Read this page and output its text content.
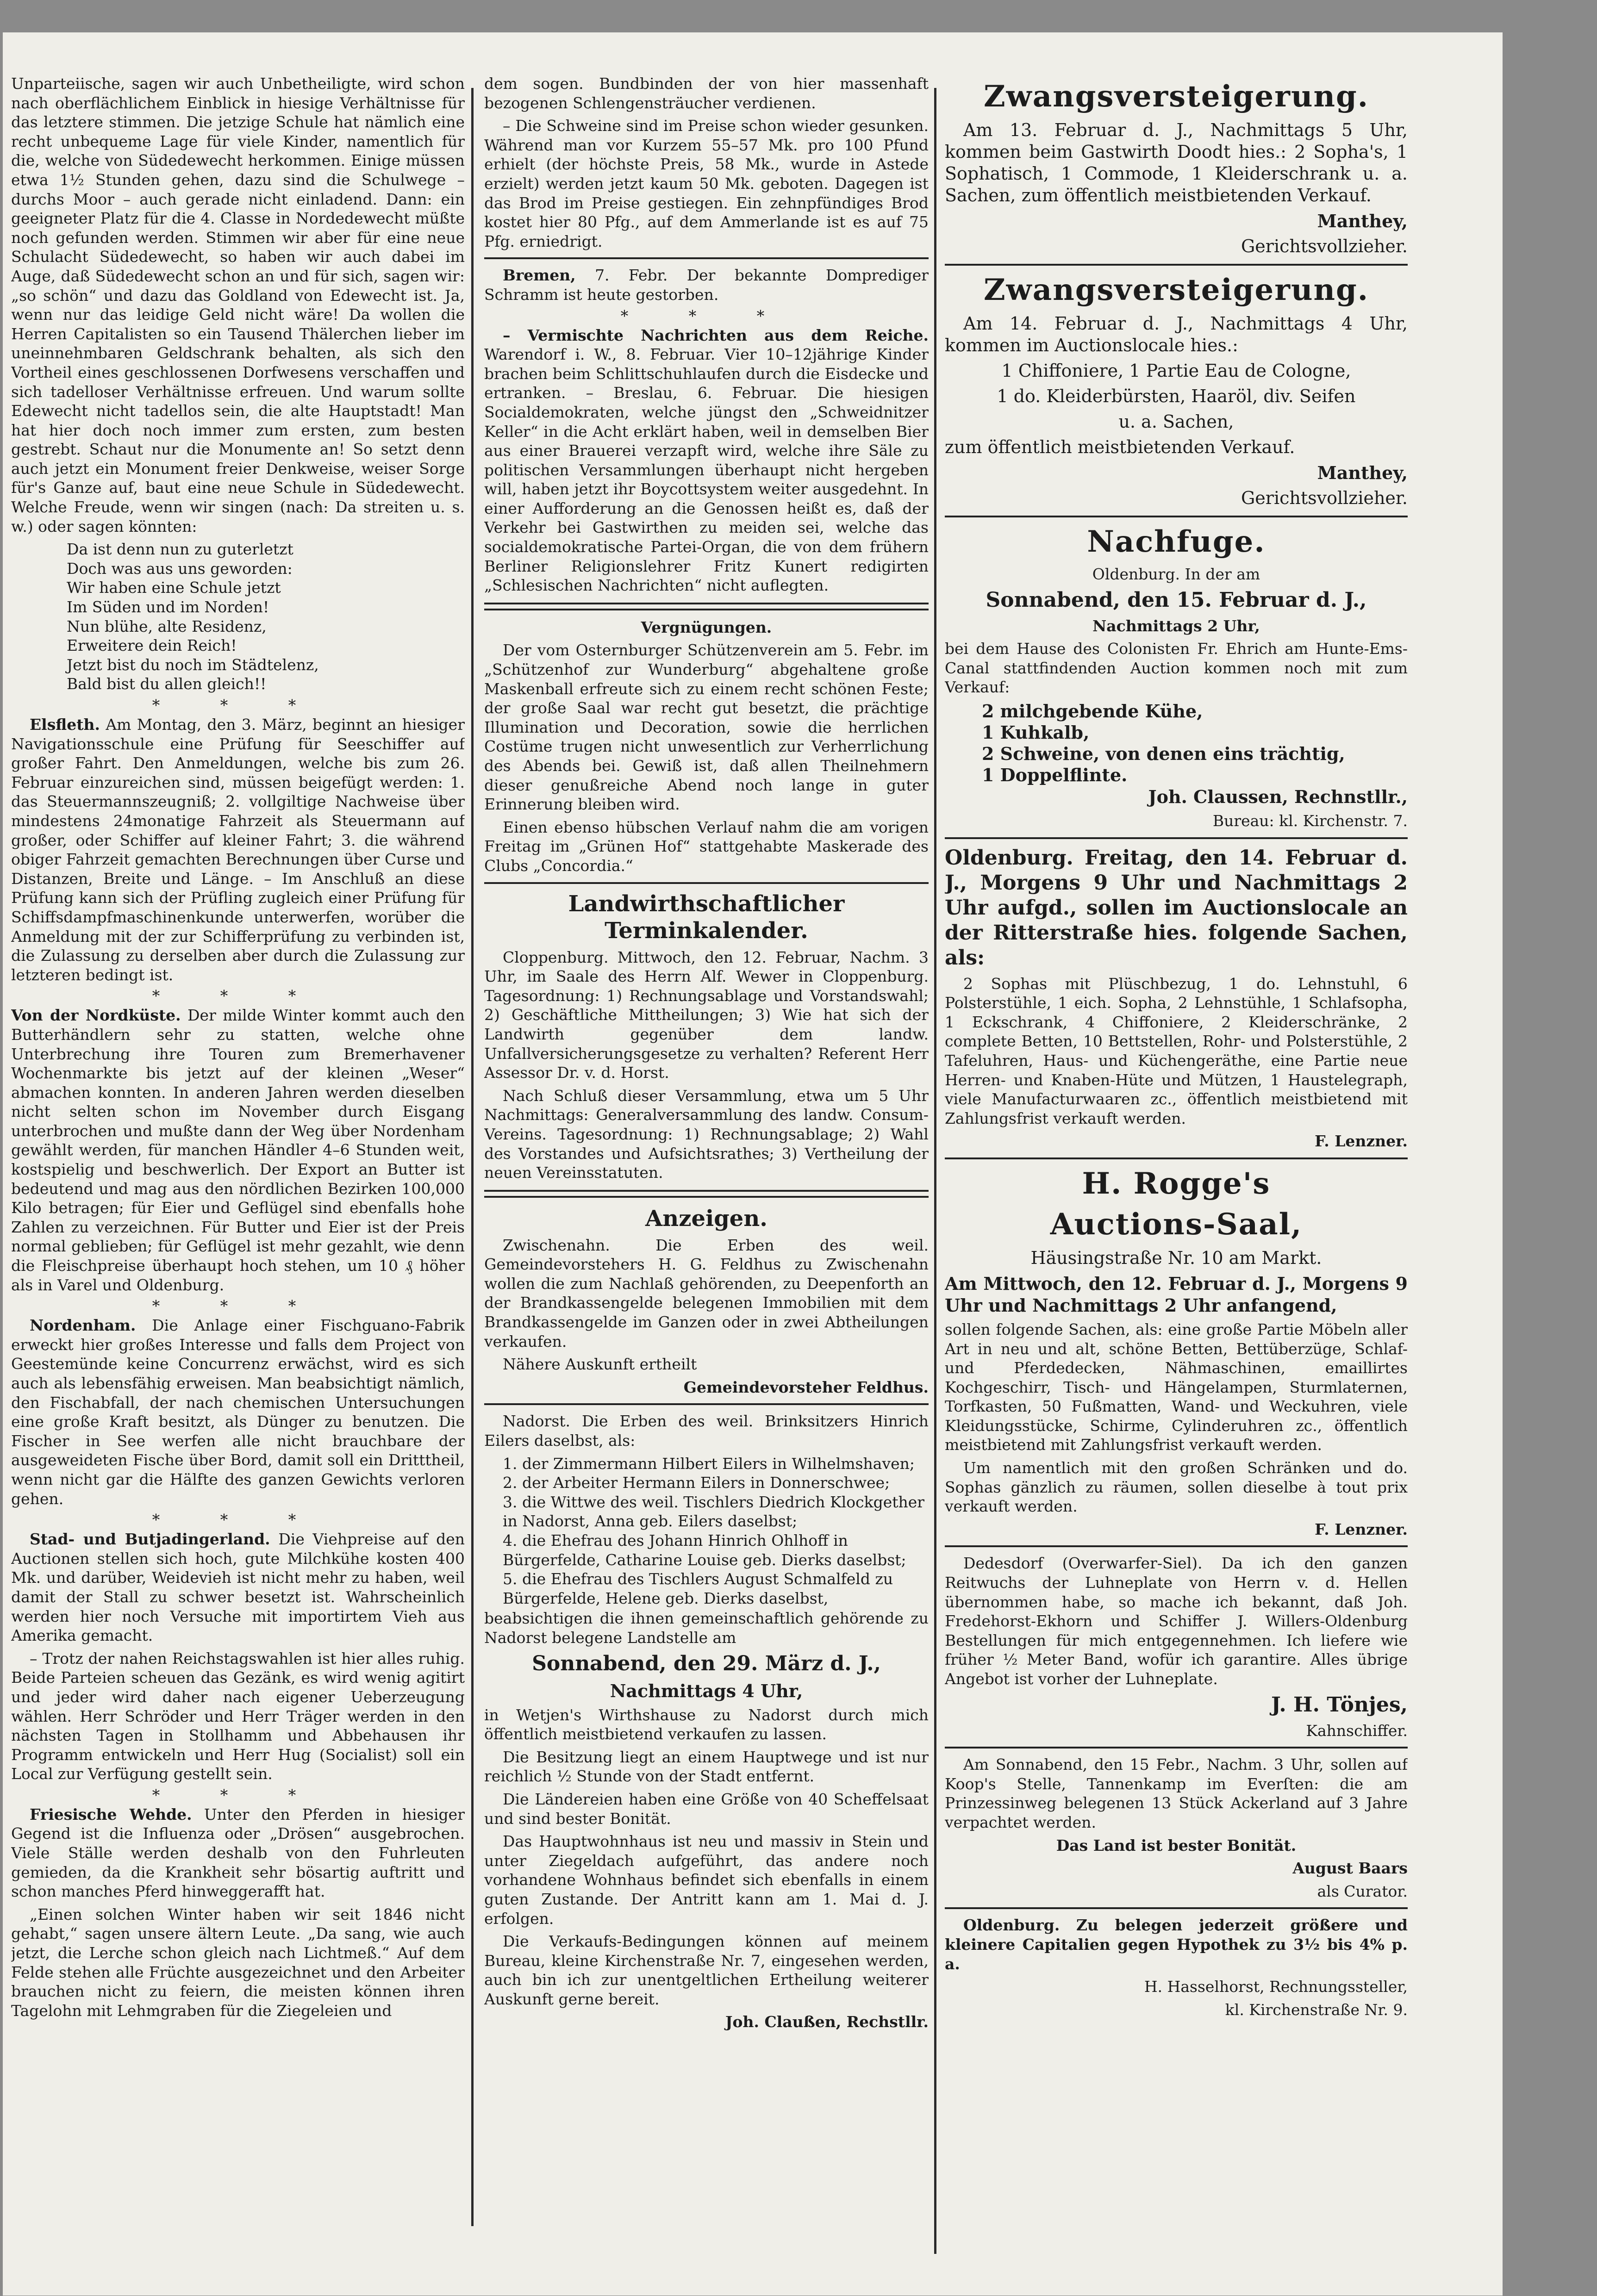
Unparteiische, sagen wir auch Unbetheiligte, wird schon nach oberflächlichem Einblick in hiesige Verhältnisse für das letztere stimmen. Die jetzige Schule hat nämlich eine recht unbequeme Lage für viele Kinder, namentlich für die, welche von Südedewecht herkommen. Einige müssen etwa 1½ Stunden gehen, dazu sind die Schulwege – durchs Moor – auch gerade nicht einladend. Dann: ein geeigneter Platz für die 4. Classe in Nordedewecht müßte noch gefunden werden. Stimmen wir aber für eine neue Schulacht Südedewecht, so haben wir auch dabei im Auge, daß Südedewecht schon an und für sich, sagen wir: „so schön“ und dazu das Goldland von Edewecht ist. Ja, wenn nur das leidige Geld nicht wäre! Da wollen die Herren Capitalisten so ein Tausend Thälerchen lieber im uneinnehmbaren Geldschrank behalten, als sich den Vortheil eines geschlossenen Dorfwesens verschaffen und sich tadelloser Verhältnisse erfreuen. Und warum sollte Edewecht nicht tadellos sein, die alte Hauptstadt! Man hat hier doch noch immer zum ersten, zum besten gestrebt. Schaut nur die Monumente an! So setzt denn auch jetzt ein Monument freier Denkweise, weiser Sorge für's Ganze auf, baut eine neue Schule in Südedewecht. Welche Freude, wenn wir singen (nach: Da streiten u. s. w.) oder sagen könnten:

Da ist denn nun zu guterletzt
Doch was aus uns geworden:
Wir haben eine Schule jetzt
Im Süden und im Norden!
Nun blühe, alte Residenz,
Erweitere dein Reich!
Jetzt bist du noch im Städtelenz,
Bald bist du allen gleich!!
* * *

Elsfleth. Am Montag, den 3. März, beginnt an hiesiger Navigationsschule eine Prüfung für Seeschiffer auf großer Fahrt. Den Anmeldungen, welche bis zum 26. Februar einzureichen sind, müssen beigefügt werden: 1. das Steuermannszeugniß; 2. vollgiltige Nachweise über mindestens 24monatige Fahrzeit als Steuermann auf großer, oder Schiffer auf kleiner Fahrt; 3. die während obiger Fahrzeit gemachten Berechnungen über Curse und Distanzen, Breite und Länge. – Im Anschluß an diese Prüfung kann sich der Prüfling zugleich einer Prüfung für Schiffsdampfmaschinenkunde unterwerfen, worüber die Anmeldung mit der zur Schifferprüfung zu verbinden ist, die Zulassung zu derselben aber durch die Zulassung zur letzteren bedingt ist.

* * *

Von der Nordküste. Der milde Winter kommt auch den Butterhändlern sehr zu statten, welche ohne Unterbrechung ihre Touren zum Bremerhavener Wochenmarkte bis jetzt auf der kleinen „Weser“ abmachen konnten. In anderen Jahren werden dieselben nicht selten schon im November durch Eisgang unterbrochen und mußte dann der Weg über Nordenham gewählt werden, für manchen Händler 4–6 Stunden weit, kostspielig und beschwerlich. Der Export an Butter ist bedeutend und mag aus den nördlichen Bezirken 100,000 Kilo betragen; für Eier und Geflügel sind ebenfalls hohe Zahlen zu verzeichnen. Für Butter und Eier ist der Preis normal geblieben; für Geflügel ist mehr gezahlt, wie denn die Fleischpreise überhaupt hoch stehen, um 10 ₰ höher als in Varel und Oldenburg.

* * *

Nordenham. Die Anlage einer Fischguano-Fabrik erweckt hier großes Interesse und falls dem Project von Geestemünde keine Concurrenz erwächst, wird es sich auch als lebensfähig erweisen. Man beabsichtigt nämlich, den Fischabfall, der nach chemischen Untersuchungen eine große Kraft besitzt, als Dünger zu benutzen. Die Fischer in See werfen alle nicht brauchbare der ausgeweideten Fische über Bord, damit soll ein Dritttheil, wenn nicht gar die Hälfte des ganzen Gewichts verloren gehen.

* * *

Stad- und Butjadingerland. Die Viehpreise auf den Auctionen stellen sich hoch, gute Milchkühe kosten 400 Mk. und darüber, Weidevieh ist nicht mehr zu haben, weil damit der Stall zu schwer besetzt ist. Wahrscheinlich werden hier noch Versuche mit importirtem Vieh aus Amerika gemacht.

– Trotz der nahen Reichstagswahlen ist hier alles ruhig. Beide Parteien scheuen das Gezänk, es wird wenig agitirt und jeder wird daher nach eigener Ueberzeugung wählen. Herr Schröder und Herr Träger werden in den nächsten Tagen in Stollhamm und Abbehausen ihr Programm entwickeln und Herr Hug (Socialist) soll ein Local zur Verfügung gestellt sein.

* * *

Friesische Wehde. Unter den Pferden in hiesiger Gegend ist die Influenza oder „Drösen“ ausgebrochen. Viele Ställe werden deshalb von den Fuhrleuten gemieden, da die Krankheit sehr bösartig auftritt und schon manches Pferd hinweggerafft hat.

„Einen solchen Winter haben wir seit 1846 nicht gehabt,“ sagen unsere ältern Leute. „Da sang, wie auch jetzt, die Lerche schon gleich nach Lichtmeß.“ Auf dem Felde stehen alle Früchte ausgezeichnet und den Arbeiter brauchen nicht zu feiern, die meisten können ihren Tagelohn mit Lehmgraben für die Ziegeleien und

dem sogen. Bundbinden der von hier massenhaft bezogenen Schlengensträucher verdienen.

– Die Schweine sind im Preise schon wieder gesunken. Während man vor Kurzem 55–57 Mk. pro 100 Pfund erhielt (der höchste Preis, 58 Mk., wurde in Astede erzielt) werden jetzt kaum 50 Mk. geboten. Dagegen ist das Brod im Preise gestiegen. Ein zehnpfündiges Brod kostet hier 80 Pfg., auf dem Ammerlande ist es auf 75 Pfg. erniedrigt.

Bremen, 7. Febr. Der bekannte Domprediger Schramm ist heute gestorben.

* * *

– Vermischte Nachrichten aus dem Reiche. Warendorf i. W., 8. Februar. Vier 10–12jährige Kinder brachen beim Schlittschuhlaufen durch die Eisdecke und ertranken. – Breslau, 6. Februar. Die hiesigen Socialdemokraten, welche jüngst den „Schweidnitzer Keller“ in die Acht erklärt haben, weil in demselben Bier aus einer Brauerei verzapft wird, welche ihre Säle zu politischen Versammlungen überhaupt nicht hergeben will, haben jetzt ihr Boycottsystem weiter ausgedehnt. In einer Aufforderung an die Genossen heißt es, daß der Verkehr bei Gastwirthen zu meiden sei, welche das socialdemokratische Partei-Organ, die von dem frühern Berliner Religionslehrer Fritz Kunert redigirten „Schlesischen Nachrichten“ nicht auflegten.

Vergnügungen.

Der vom Osternburger Schützenverein am 5. Febr. im „Schützenhof zur Wunderburg“ abgehaltene große Maskenball erfreute sich zu einem recht schönen Feste; der große Saal war recht gut besetzt, die prächtige Illumination und Decoration, sowie die herrlichen Costüme trugen nicht unwesentlich zur Verherrlichung des Abends bei. Gewiß ist, daß allen Theilnehmern dieser genußreiche Abend noch lange in guter Erinnerung bleiben wird.

Einen ebenso hübschen Verlauf nahm die am vorigen Freitag im „Grünen Hof“ stattgehabte Maskerade des Clubs „Concordia.“

Landwirthschaftlicher Terminkalender.

Cloppenburg. Mittwoch, den 12. Februar, Nachm. 3 Uhr, im Saale des Herrn Alf. Wewer in Cloppenburg. Tagesordnung: 1) Rechnungsablage und Vorstandswahl; 2) Geschäftliche Mittheilungen; 3) Wie hat sich der Landwirth gegenüber dem landw. Unfallversicherungsgesetze zu verhalten? Referent Herr Assessor Dr. v. d. Horst.

Nach Schluß dieser Versammlung, etwa um 5 Uhr Nachmittags: Generalversammlung des landw. Consum-Vereins. Tagesordnung: 1) Rechnungsablage; 2) Wahl des Vorstandes und Aufsichtsrathes; 3) Vertheilung der neuen Vereinsstatuten.

Anzeigen.

Zwischenahn. Die Erben des weil. Gemeindevorstehers H. G. Feldhus zu Zwischenahn wollen die zum Nachlaß gehörenden, zu Deepenforth an der Brandkassengelde belegenen Immobilien mit dem Brandkassengelde im Ganzen oder in zwei Abtheilungen verkaufen.

Nähere Auskunft ertheilt

Gemeindevorsteher Feldhus.

Nadorst. Die Erben des weil. Brinksitzers Hinrich Eilers daselbst, als:

1. der Zimmermann Hilbert Eilers in Wilhelmshaven;
2. der Arbeiter Hermann Eilers in Donnerschwee;
3. die Wittwe des weil. Tischlers Diedrich Klockgether in Nadorst, Anna geb. Eilers daselbst;
4. die Ehefrau des Johann Hinrich Ohlhoff in Bürgerfelde, Catharine Louise geb. Dierks daselbst;
5. die Ehefrau des Tischlers August Schmalfeld zu Bürgerfelde, Helene geb. Dierks daselbst,

beabsichtigen die ihnen gemeinschaftlich gehörende zu Nadorst belegene Landstelle am

Sonnabend, den 29. März d. J.,

Nachmittags 4 Uhr,

in Wetjen's Wirthshause zu Nadorst durch mich öffentlich meistbietend verkaufen zu lassen.

Die Besitzung liegt an einem Hauptwege und ist nur reichlich ½ Stunde von der Stadt entfernt.

Die Ländereien haben eine Größe von 40 Scheffelsaat und sind bester Bonität.

Das Hauptwohnhaus ist neu und massiv in Stein und unter Ziegeldach aufgeführt, das andere noch vorhandene Wohnhaus befindet sich ebenfalls in einem guten Zustande. Der Antritt kann am 1. Mai d. J. erfolgen.

Die Verkaufs-Bedingungen können auf meinem Bureau, kleine Kirchenstraße Nr. 7, eingesehen werden, auch bin ich zur unentgeltlichen Ertheilung weiterer Auskunft gerne bereit.

Joh. Claußen, Rechstllr.

Zwangsversteigerung.

Am 13. Februar d. J., Nachmittags 5 Uhr, kommen beim Gastwirth Doodt hies.: 2 Sopha's, 1 Sophatisch, 1 Commode, 1 Kleiderschrank u. a. Sachen, zum öffentlich meistbietenden Verkauf.

Manthey,

Gerichtsvollzieher.

Zwangsversteigerung.

Am 14. Februar d. J., Nachmittags 4 Uhr, kommen im Auctionslocale hies.:

1 Chiffoniere, 1 Partie Eau de Cologne,

1 do. Kleiderbürsten, Haaröl, div. Seifen

u. a. Sachen,

zum öffentlich meistbietenden Verkauf.

Manthey,

Gerichtsvollzieher.

Nachfuge.

Oldenburg. In der am

Sonnabend, den 15. Februar d. J.,

Nachmittags 2 Uhr,

bei dem Hause des Colonisten Fr. Ehrich am Hunte-Ems-Canal stattfindenden Auction kommen noch mit zum Verkauf:

2 milchgebende Kühe,
1 Kuhkalb,
2 Schweine, von denen eins trächtig,
1 Doppelflinte.

Joh. Claussen, Rechnstllr.,

Bureau: kl. Kirchenstr. 7.

Oldenburg. Freitag, den 14. Februar d. J., Morgens 9 Uhr und Nachmittags 2 Uhr aufgd., sollen im Auctionslocale an der Ritterstraße hies. folgende Sachen, als:

2 Sophas mit Plüschbezug, 1 do. Lehnstuhl, 6 Polsterstühle, 1 eich. Sopha, 2 Lehnstühle, 1 Schlafsopha, 1 Eckschrank, 4 Chiffoniere, 2 Kleiderschränke, 2 complete Betten, 10 Bettstellen, Rohr- und Polsterstühle, 2 Tafeluhren, Haus- und Küchengeräthe, eine Partie neue Herren- und Knaben-Hüte und Mützen, 1 Haustelegraph, viele Manufacturwaaren zc., öffentlich meistbietend mit Zahlungsfrist verkauft werden.

F. Lenzner.

H. Rogge's
Auctions-Saal,

Häusingstraße Nr. 10 am Markt.

Am Mittwoch, den 12. Februar d. J., Morgens 9 Uhr und Nachmittags 2 Uhr anfangend,

sollen folgende Sachen, als: eine große Partie Möbeln aller Art in neu und alt, schöne Betten, Bettüberzüge, Schlaf- und Pferdedecken, Nähmaschinen, emaillirtes Kochgeschirr, Tisch- und Hängelampen, Sturmlaternen, Torfkasten, 50 Fußmatten, Wand- und Weckuhren, viele Kleidungsstücke, Schirme, Cylinderuhren zc., öffentlich meistbietend mit Zahlungsfrist verkauft werden.

Um namentlich mit den großen Schränken und do. Sophas gänzlich zu räumen, sollen dieselbe à tout prix verkauft werden.

F. Lenzner.

Dedesdorf (Overwarfer-Siel). Da ich den ganzen Reitwuchs der Luhneplate von Herrn v. d. Hellen übernommen habe, so mache ich bekannt, daß Joh. Fredehorst-Ekhorn und Schiffer J. Willers-Oldenburg Bestellungen für mich entgegennehmen. Ich liefere wie früher ½ Meter Band, wofür ich garantire. Alles übrige Angebot ist vorher der Luhneplate.

J. H. Tönjes,

Kahnschiffer.

Am Sonnabend, den 15 Febr., Nachm. 3 Uhr, sollen auf Koop's Stelle, Tannenkamp im Everſten: die am Prinzessinweg belegenen 13 Stück Ackerland auf 3 Jahre verpachtet werden.

Das Land ist bester Bonität.

August Baars

als Curator.

Oldenburg. Zu belegen jederzeit größere und kleinere Capitalien gegen Hypothek zu 3½ bis 4% p. a.

H. Hasselhorst, Rechnungssteller,

kl. Kirchenstraße Nr. 9.
